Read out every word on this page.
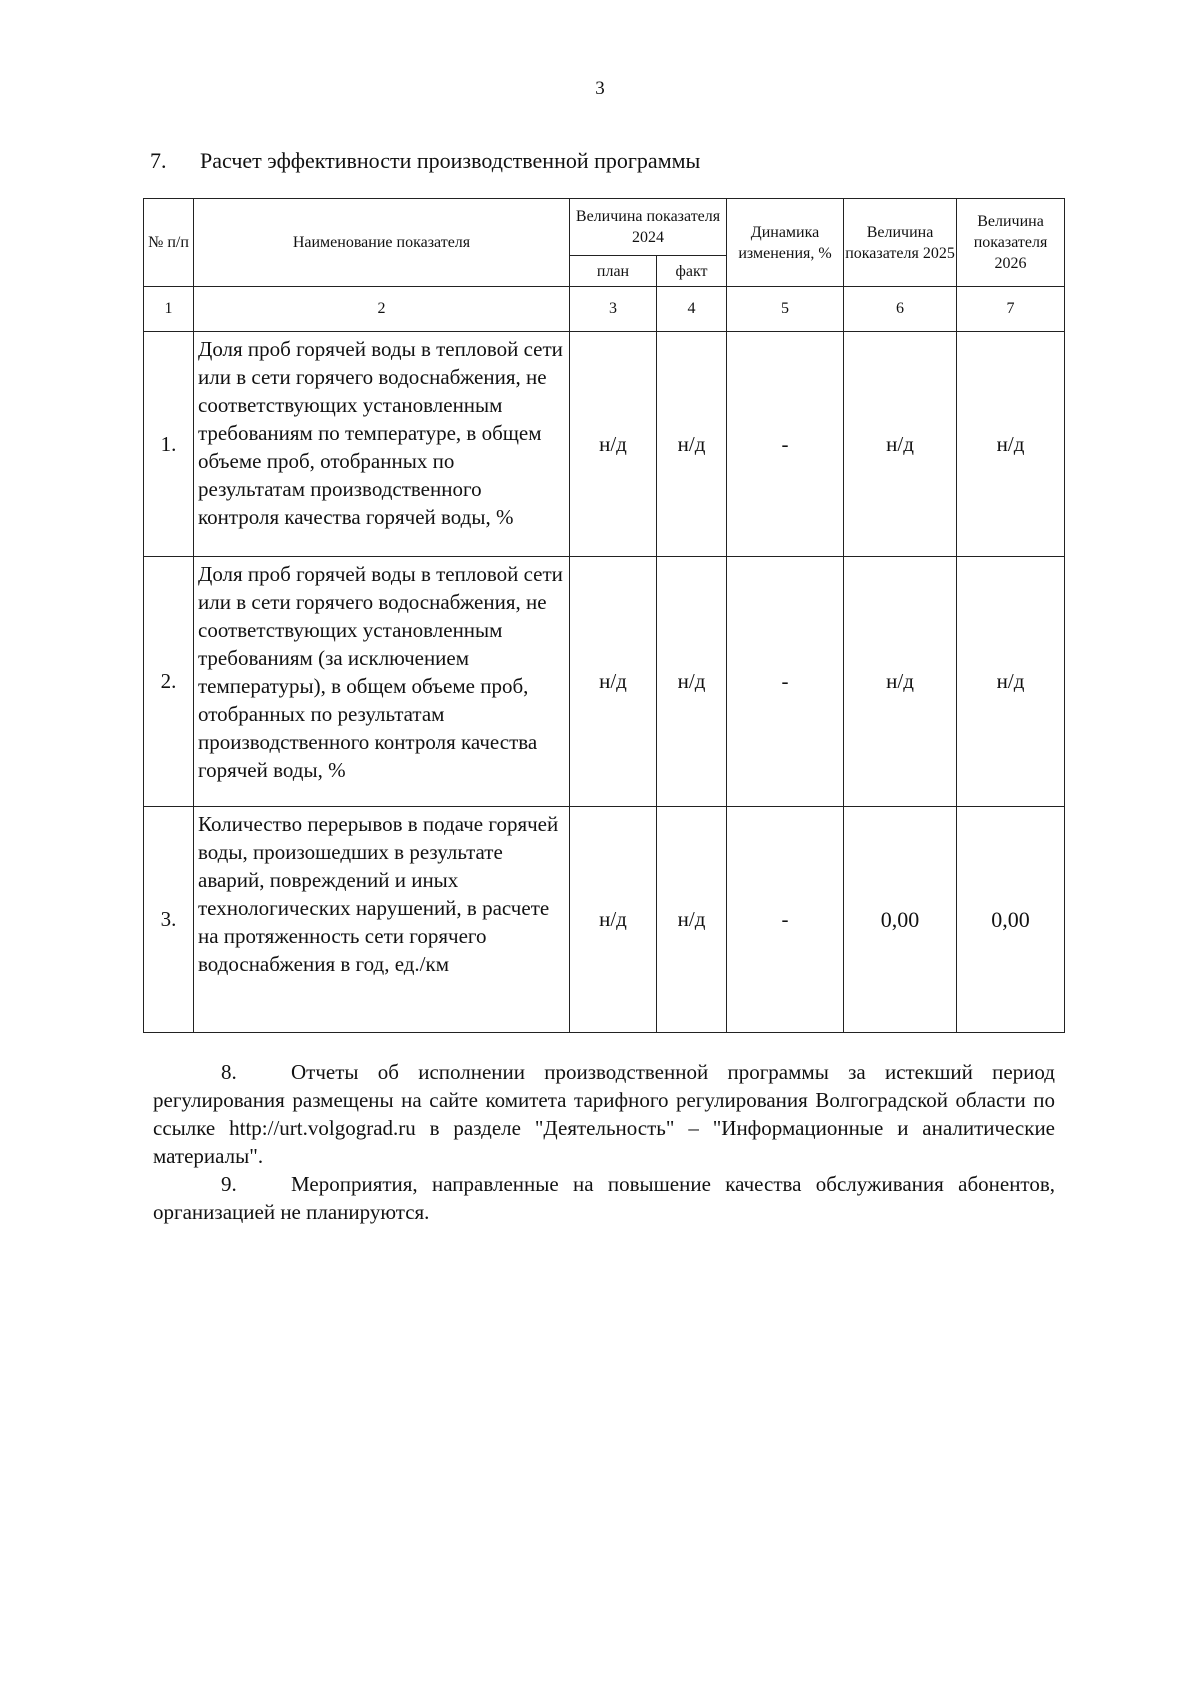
3
7. Расчет эффективности производственной программы
№ п/п	Наименование показателя	Величина показателя 2024		Динамика изменения, %	Величина показателя 2025	Величина показателя 2026
		план	факт			
1	2	3	4	5	6	7
1.	Доля проб горячей воды в тепловой сети или в сети горячего водоснабжения, не соответствующих установленным требованиям по температуре, в общем объеме проб, отобранных по результатам производственного контроля качества горячей воды, %	н/д	н/д	-	н/д	н/д
2.	Доля проб горячей воды в тепловой сети или в сети горячего водоснабжения, не соответствующих установленным требованиям (за исключением температуры), в общем объеме проб, отобранных по результатам производственного контроля качества горячей воды, %	н/д	н/д	-	н/д	н/д
3.	Количество перерывов в подаче горячей воды, произошедших в результате аварий, повреждений и иных технологических нарушений, в расчете на протяженность сети горячего водоснабжения в год, ед./км	н/д	н/д	-	0,00	0,00
8.	Отчеты об исполнении производственной программы за истекший период регулирования размещены на сайте комитета тарифного регулирования Волгоградской области по ссылке http://urt.volgograd.ru в разделе "Деятельность" – "Информационные и аналитические материалы".
9.	Мероприятия, направленные на повышение качества обслуживания абонентов, организацией не планируются.
